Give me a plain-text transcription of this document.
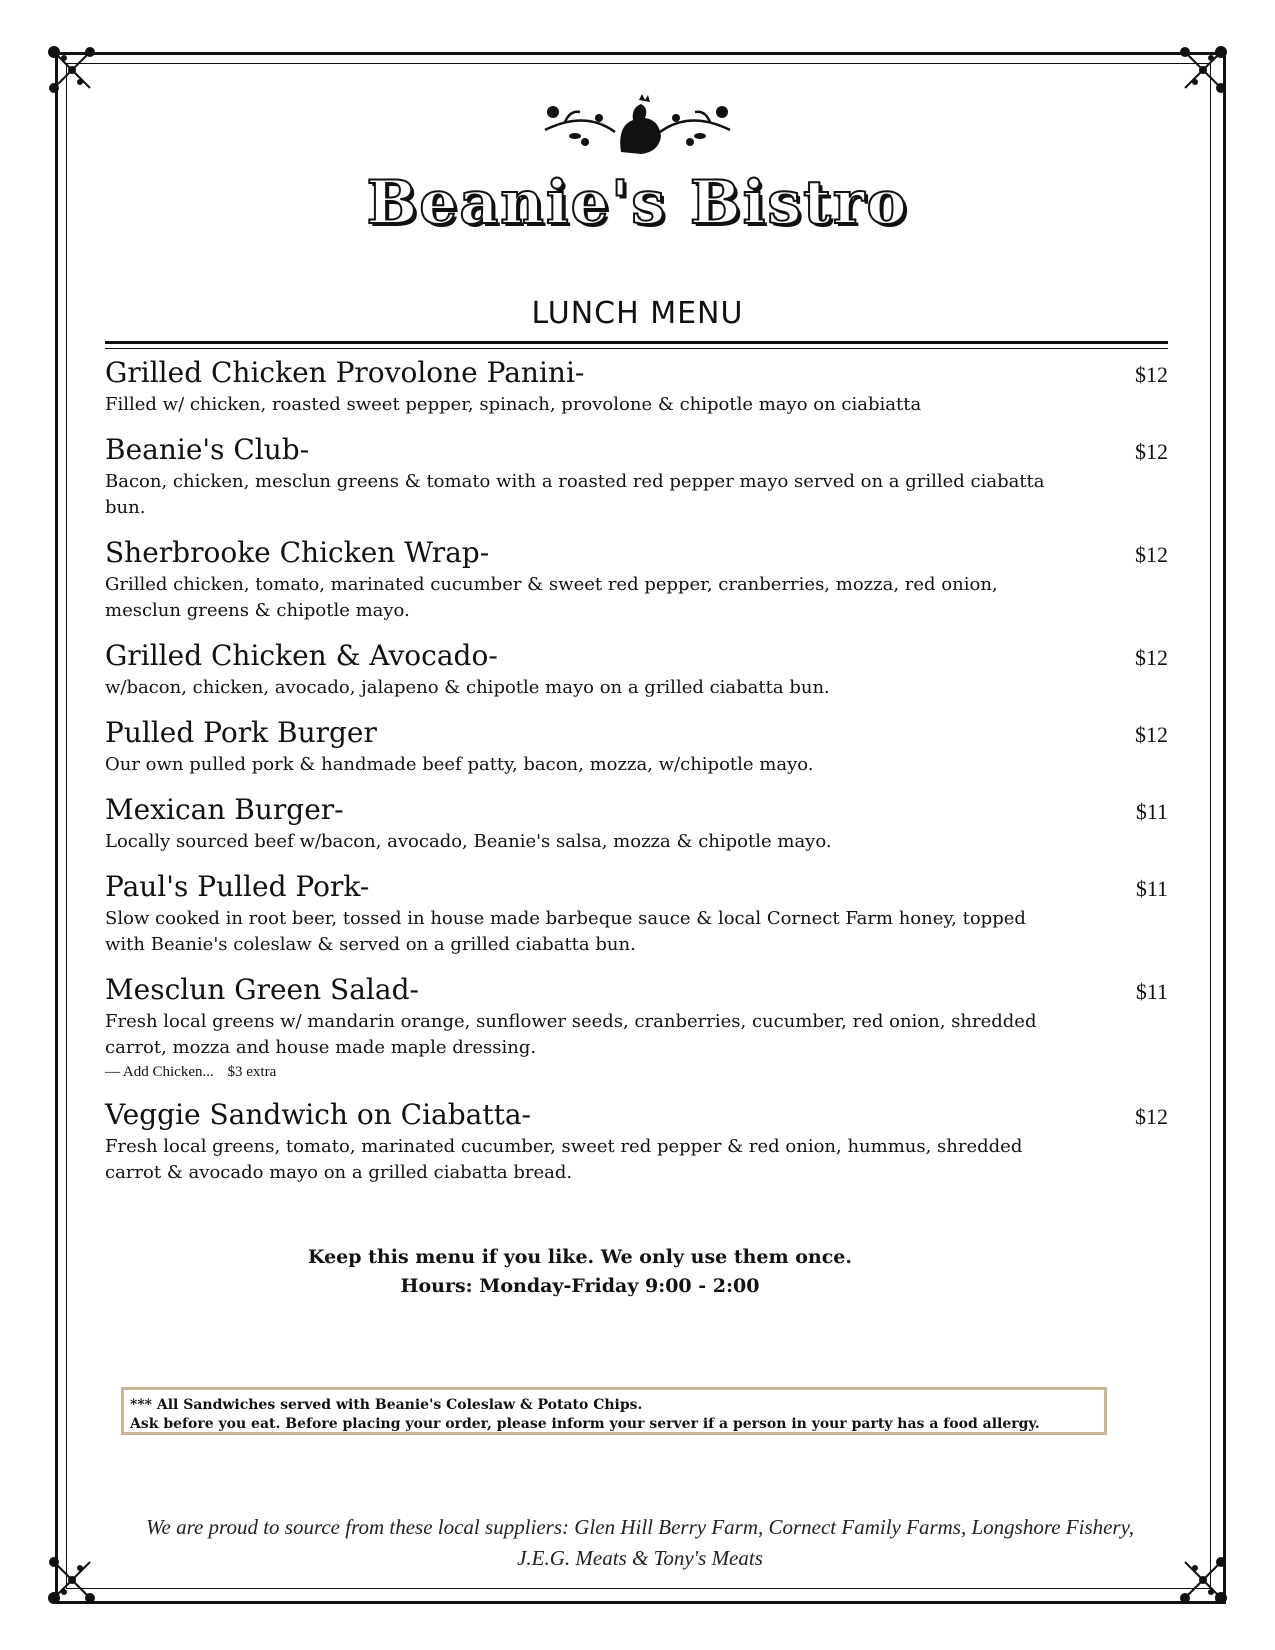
Beanie's Bistro
LUNCH MENU
Grilled Chicken Provolone Panini-	$12
Filled w/ chicken, roasted sweet pepper, spinach, provolone & chipotle mayo on ciabiatta
Beanie's Club-	$12
Bacon, chicken, mesclun greens & tomato with a roasted red pepper mayo served on a grilled ciabatta bun.
Sherbrooke Chicken Wrap-	$12
Grilled chicken, tomato, marinated cucumber & sweet red pepper, cranberries, mozza, red onion, mesclun greens & chipotle mayo.
Grilled Chicken & Avocado-	$12
w/bacon, chicken, avocado, jalapeno & chipotle mayo on a grilled ciabatta bun.
Pulled Pork Burger	$12
Our own pulled pork & handmade beef patty, bacon, mozza, w/chipotle mayo.
Mexican Burger-	$11
Locally sourced beef w/bacon, avocado, Beanie's salsa, mozza & chipotle mayo.
Paul's Pulled Pork-	$11
Slow cooked in root beer, tossed in house made barbeque sauce & local Cornect Farm honey, topped with Beanie's coleslaw & served on a grilled ciabatta bun.
Mesclun Green Salad-	$11
Fresh local greens w/ mandarin orange, sunflower seeds, cranberries, cucumber, red onion, shredded carrot, mozza and house made maple dressing.
— Add Chicken... $3 extra
Veggie Sandwich on Ciabatta-	$12
Fresh local greens, tomato, marinated cucumber, sweet red pepper & red onion, hummus, shredded carrot & avocado mayo on a grilled ciabatta bread.
Keep this menu if you like. We only use them once.
Hours: Monday-Friday 9:00 - 2:00
*** All Sandwiches served with Beanie's Coleslaw & Potato Chips.
Ask before you eat. Before placing your order, please inform your server if a person in your party has a food allergy.
We are proud to source from these local suppliers: Glen Hill Berry Farm, Cornect Family Farms, Longshore Fishery, J.E.G. Meats & Tony's Meats
